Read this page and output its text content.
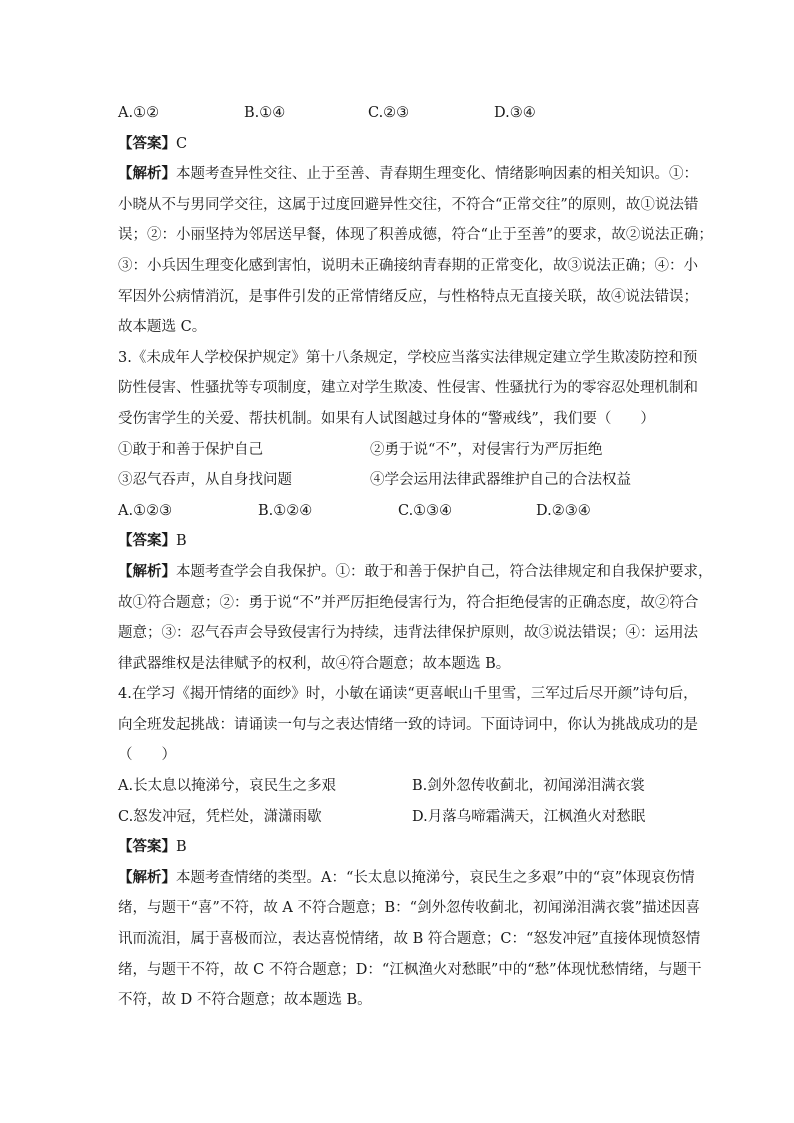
A.①②	B.①④	C.②③	D.③④
【答案】C
【解析】本题考查异性交往、止于至善、青春期生理变化、情绪影响因素的相关知识。①：
小晓从不与男同学交往，这属于过度回避异性交往，不符合“正常交往”的原则，故①说法错
误；②：小丽坚持为邻居送早餐，体现了积善成德，符合“止于至善”的要求，故②说法正确；
③：小兵因生理变化感到害怕，说明未正确接纳青春期的正常变化，故③说法正确；④：小
军因外公病情消沉，是事件引发的正常情绪反应，与性格特点无直接关联，故④说法错误；
故本题选 C。
3.《未成年人学校保护规定》第十八条规定，学校应当落实法律规定建立学生欺凌防控和预
防性侵害、性骚扰等专项制度，建立对学生欺凌、性侵害、性骚扰行为的零容忍处理机制和
受伤害学生的关爱、帮扶机制。如果有人试图越过身体的“警戒线”，我们要（　　）
①敢于和善于保护自己	②勇于说“不”，对侵害行为严厉拒绝
③忍气吞声，从自身找问题	④学会运用法律武器维护自己的合法权益
A.①②③	B.①②④	C.①③④	D.②③④
【答案】B
【解析】本题考查学会自我保护。①：敢于和善于保护自己，符合法律规定和自我保护要求，
故①符合题意；②：勇于说“不”并严厉拒绝侵害行为，符合拒绝侵害的正确态度，故②符合
题意；③：忍气吞声会导致侵害行为持续，违背法律保护原则，故③说法错误；④：运用法
律武器维权是法律赋予的权利，故④符合题意；故本题选 B。
4.在学习《揭开情绪的面纱》时，小敏在诵读“更喜岷山千里雪，三军过后尽开颜”诗句后，
向全班发起挑战：请诵读一句与之表达情绪一致的诗词。下面诗词中，你认为挑战成功的是
（　　）
A.长太息以掩涕兮，哀民生之多艰	B.剑外忽传收蓟北，初闻涕泪满衣裳
C.怒发冲冠，凭栏处，潇潇雨歇	D.月落乌啼霜满天，江枫渔火对愁眠
【答案】B
【解析】本题考查情绪的类型。A：“长太息以掩涕兮，哀民生之多艰”中的“哀”体现哀伤情
绪，与题干“喜”不符，故 A 不符合题意；B：“剑外忽传收蓟北，初闻涕泪满衣裳”描述因喜
讯而流泪，属于喜极而泣，表达喜悦情绪，故 B 符合题意；C：“怒发冲冠”直接体现愤怒情
绪，与题干不符，故 C 不符合题意；D：“江枫渔火对愁眠”中的“愁”体现忧愁情绪，与题干
不符，故 D 不符合题意；故本题选 B。
